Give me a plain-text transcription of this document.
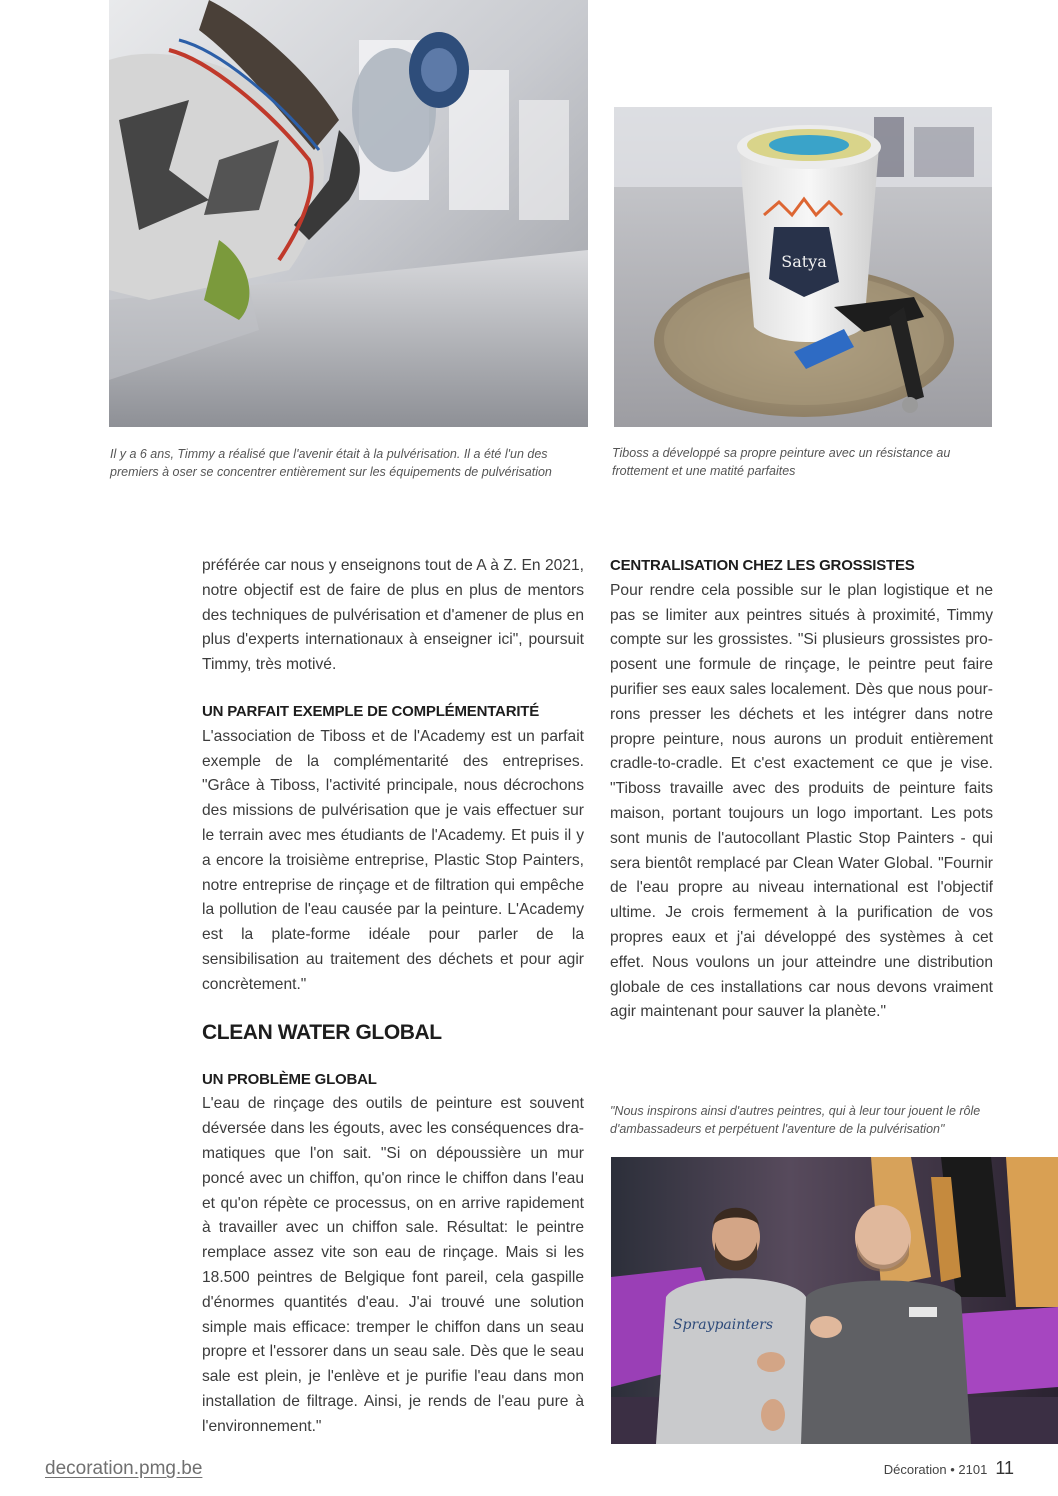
Satya
Il y a 6 ans, Timmy a réalisé que l'avenir était à la pulvérisation. Il a été l'un des premiers à oser se concentrer entièrement sur les équipements de pulvérisation
Tiboss a développé sa propre peinture avec un résistance au frottement et une matité parfaites

préférée car nous y enseignons tout de A à Z. En 2021, notre objectif est de faire de plus en plus de mentors des techniques de pulvérisation et d'amener de plus en plus d'experts internationaux à enseigner ici", poursuit Timmy, très motivé.

UN PARFAIT EXEMPLE DE COMPLÉMENTARITÉ

L'association de Tiboss et de l'Academy est un parfait exemple de la complémentarité des entreprises. "Grâce à Tiboss, l'activité principale, nous décrochons des missions de pulvérisation que je vais effectuer sur le terrain avec mes étudiants de l'Academy. Et puis il y a encore la troisième entreprise, Plastic Stop Painters, notre entreprise de rinçage et de filtration qui empêche la pollution de l'eau causée par la peinture. L'Academy est la plate-forme idéale pour parler de la sensibilisation au traitement des déchets et pour agir concrètement."

CLEAN WATER GLOBAL
UN PROBLÈME GLOBAL

L'eau de rinçage des outils de peinture est souvent déversée dans les égouts, avec les conséquences dramatiques que l'on sait. "Si on dépoussière un mur poncé avec un chiffon, qu'on rince le chiffon dans l'eau et qu'on répète ce processus, on en arrive rapidement à travailler avec un chiffon sale. Résultat: le peintre remplace assez vite son eau de rinçage. Mais si les 18.500 peintres de Belgique font pareil, cela gaspille d'énormes quantités d'eau. J'ai trouvé une solution simple mais efficace: tremper le chiffon dans un seau propre et l'essorer dans un seau sale. Dès que le seau sale est plein, je l'enlève et je purifie l'eau dans mon installation de filtrage. Ainsi, je rends de l'eau pure à l'environnement."

CENTRALISATION CHEZ LES GROSSISTES

Pour rendre cela possible sur le plan logistique et ne pas se limiter aux peintres situés à proximité, Timmy compte sur les grossistes. "Si plusieurs grossistes proposent une formule de rinçage, le peintre peut faire purifier ses eaux sales localement. Dès que nous pourrons presser les déchets et les intégrer dans notre propre peinture, nous aurons un produit entièrement cradle-to-cradle. Et c'est exactement ce que je vise. "Tiboss travaille avec des produits de peinture faits maison, portant toujours un logo important. Les pots sont munis de l'autocollant Plastic Stop Painters - qui sera bientôt remplacé par Clean Water Global. "Fournir de l'eau propre au niveau international est l'objectif ultime. Je crois fermement à la purification de vos propres eaux et j'ai développé des systèmes à cet effet. Nous voulons un jour atteindre une distribution globale de ces installations car nous devons vraiment agir maintenant pour sauver la planète."

"Nous inspirons ainsi d'autres peintres, qui à leur tour jouent le rôle d'ambassadeurs et perpétuent l'aventure de la pulvérisation"
Spraypainters
decoration.pmg.be	Décoration • 2101 11
